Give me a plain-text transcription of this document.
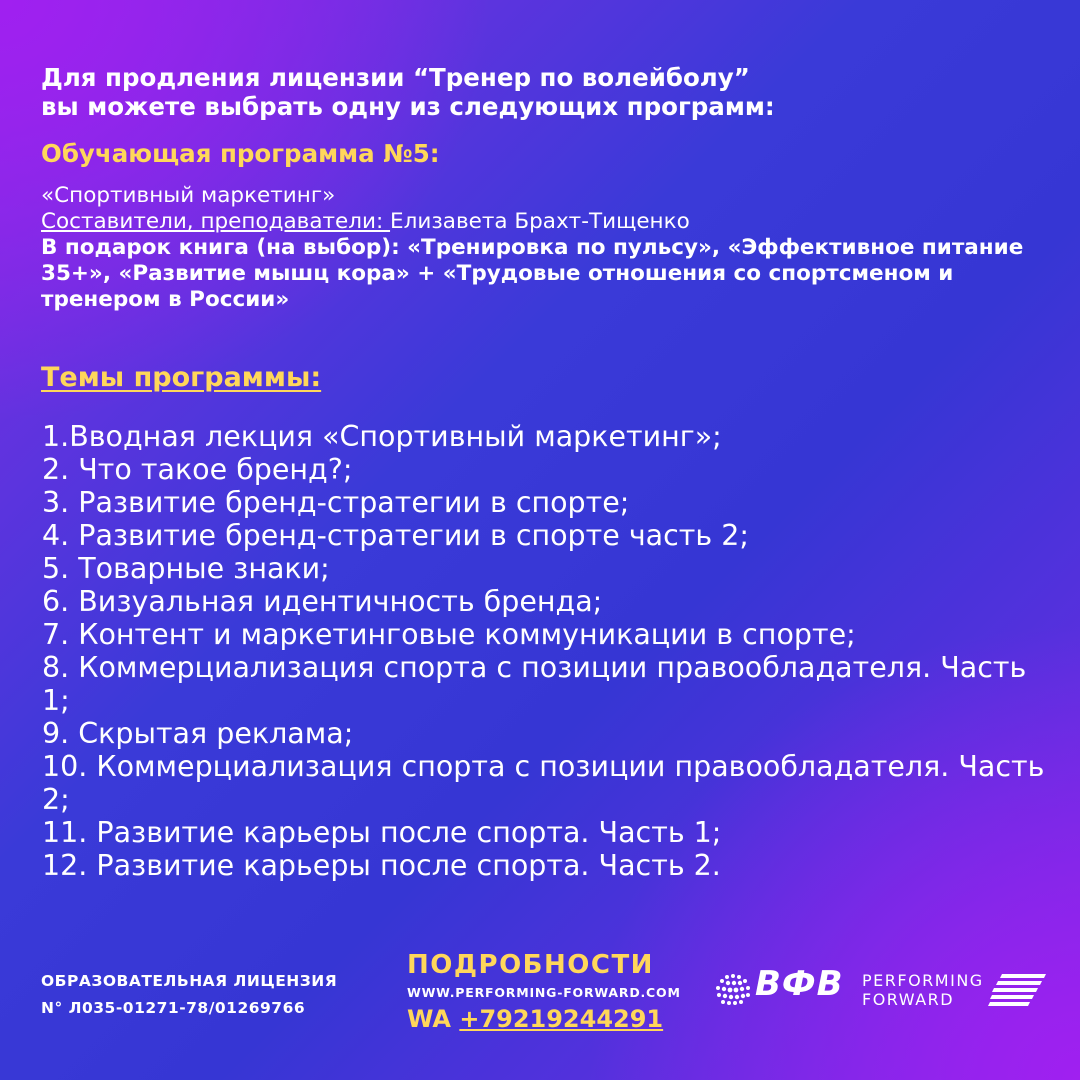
Для продления лицензии “Тренер по волейболу”
вы можете выбрать одну из следующих программ:
Обучающая программа №5:
«Спортивный маркетинг»
Составители, преподаватели: Елизавета Брахт-Тищенко
В подарок книга (на выбор): «Тренировка по пульсу», «Эффективное питание 35+», «Развитие мышц кора» + «Трудовые отношения со спортсменом и тренером в России»
Темы программы:
1.Вводная лекция «Спортивный маркетинг»;
2. Что такое бренд?;
3. Развитие бренд-стратегии в спорте;
4. Развитие бренд-стратегии в спорте часть 2;
5. Товарные знаки;
6. Визуальная идентичность бренда;
7. Контент и маркетинговые коммуникации в спорте;
8. Коммерциализация спорта с позиции правообладателя. Часть 1;
9. Скрытая реклама;
10. Коммерциализация спорта с позиции правообладателя. Часть 2;
11. Развитие карьеры после спорта. Часть 1;
12. Развитие карьеры после спорта. Часть 2.
ОБРАЗОВАТЕЛЬНАЯ ЛИЦЕНЗИЯ
N° Л035-01271-78/01269766
ПОДРОБНОСТИ
WWW.PERFORMING-FORWARD.COM
WA +79219244291
ВФВ PERFORMING
FORWARD
